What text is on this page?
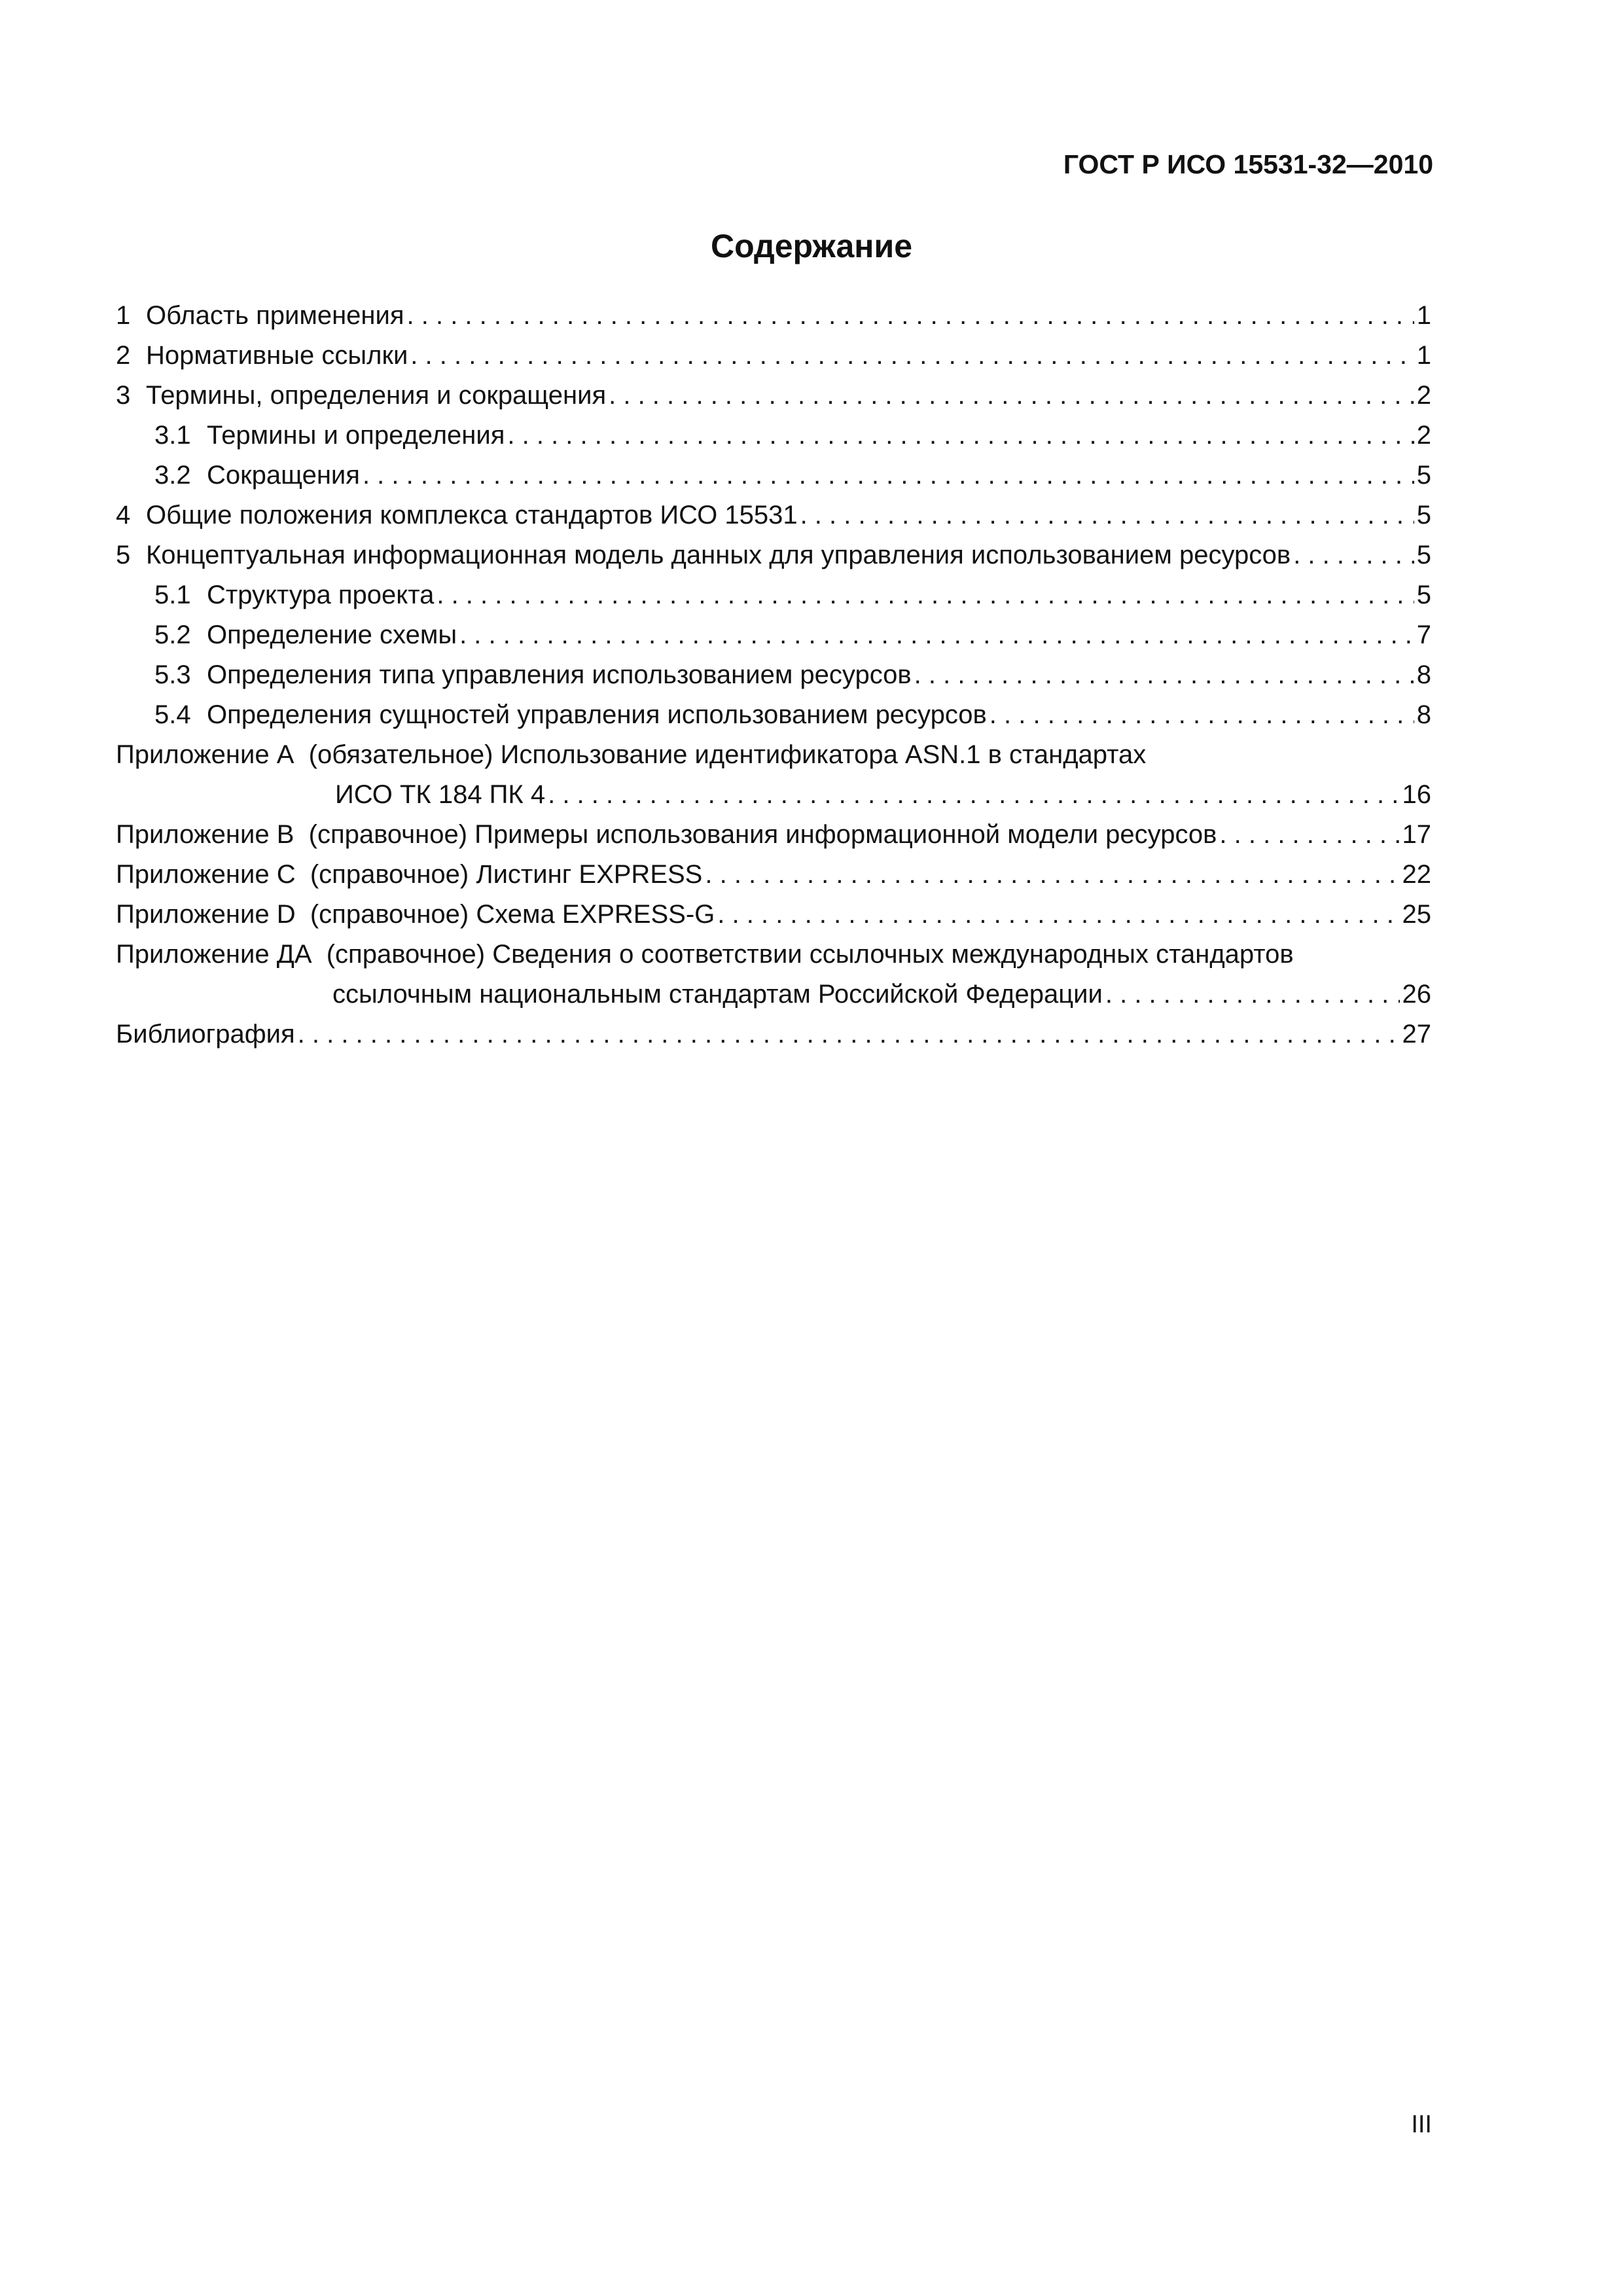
ГОСТ Р ИСО 15531-32—2010
Содержание
1 Область применения . . .	1
2 Нормативные ссылки . . .	1
3 Термины, определения и сокращения . . .	2
3.1 Термины и определения . . .	2
3.2 Сокращения . . .	5
4 Общие положения комплекса стандартов ИСО 15531 . . .	5
5 Концептуальная информационная модель данных для управления использованием ресурсов . . .	5
5.1 Структура проекта . . .	5
5.2 Определение схемы . . .	7
5.3 Определения типа управления использованием ресурсов . . .	8
5.4 Определения сущностей управления использованием ресурсов . . .	8
Приложение А (обязательное) Использование идентификатора ASN.1 в стандартах
ИСО ТК 184 ПК 4 . . .	16
Приложение В (справочное) Примеры использования информационной модели ресурсов . . .	17
Приложение С (справочное) Листинг EXPRESS . . .	22
Приложение D (справочное) Схема EXPRESS-G . . .	25
Приложение ДА (справочное) Сведения о соответствии ссылочных международных стандартов
ссылочным национальным стандартам Российской Федерации . . .	26
Библиография . . .	27
III
